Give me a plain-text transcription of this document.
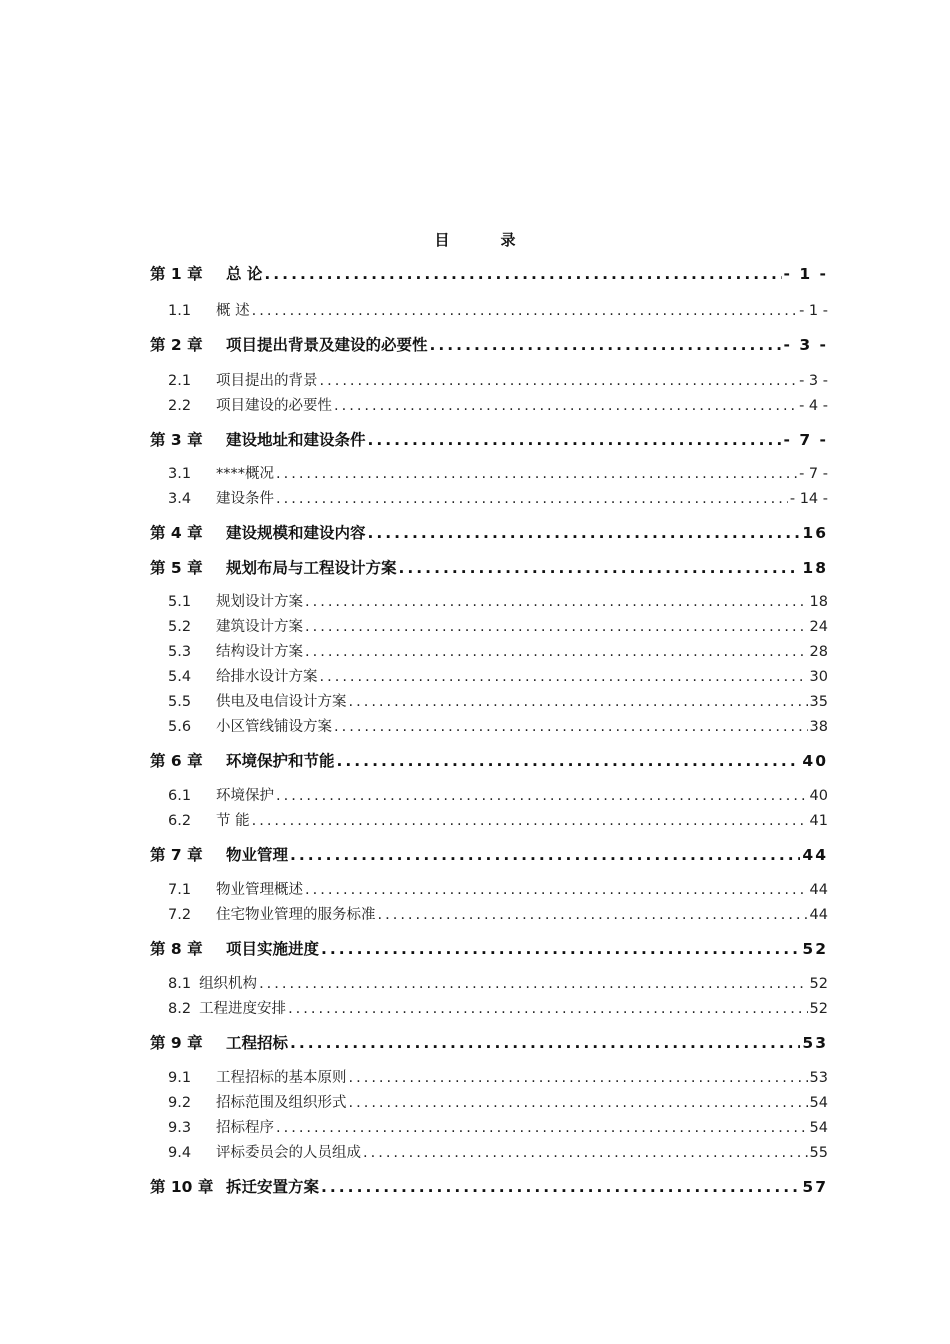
目　录
第 1 章	总 论 .....	- 1 -
1.1	概 述 .....	- 1 -
第 2 章	项目提出背景及建设的必要性 .....	- 3 -
2.1	项目提出的背景 .....	- 3 -
2.2	项目建设的必要性 .....	- 4 -
第 3 章	建设地址和建设条件 .....	- 7 -
3.1	****概况 .....	- 7 -
3.4	建设条件 .....	- 14 -
第 4 章	建设规模和建设内容 .....	16
第 5 章	规划布局与工程设计方案 .....	18
5.1	规划设计方案 .....	18
5.2	建筑设计方案 .....	24
5.3	结构设计方案 .....	28
5.4	给排水设计方案 .....	30
5.5	供电及电信设计方案 .....	35
5.6	小区管线铺设方案 .....	38
第 6 章	环境保护和节能 .....	40
6.1	环境保护 .....	40
6.2	节 能 .....	41
第 7 章	物业管理 .....	44
7.1	物业管理概述 .....	44
7.2	住宅物业管理的服务标准 .....	44
第 8 章	项目实施进度 .....	52
8.1 组织机构 .....	52
8.2 工程进度安排 .....	52
第 9 章	工程招标 .....	53
9.1	工程招标的基本原则 .....	53
9.2	招标范围及组织形式 .....	54
9.3	招标程序 .....	54
9.4	评标委员会的人员组成 .....	55
第 10 章 拆迁安置方案 .....	57
